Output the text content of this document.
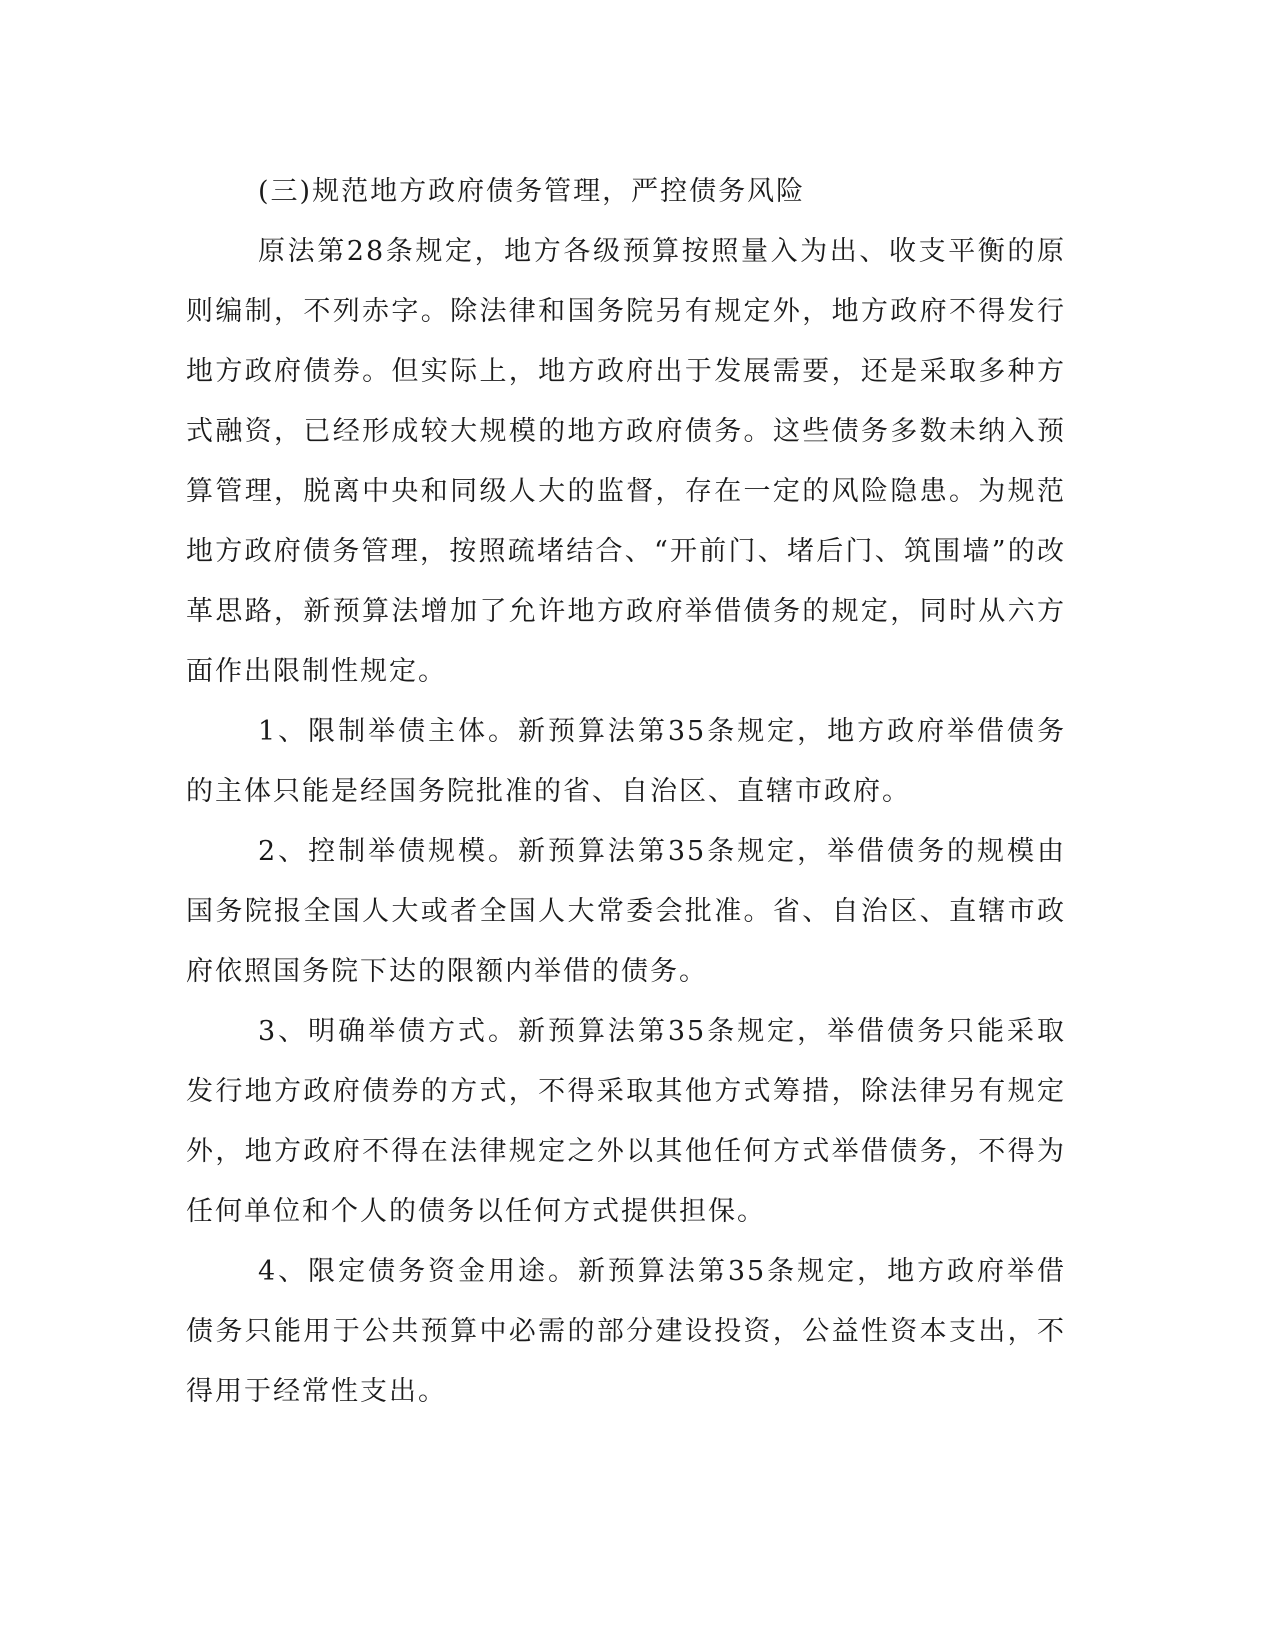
(三)规范地方政府债务管理，严控债务风险

原法第28条规定，地方各级预算按照量入为出、收支平衡的原则编制，不列赤字。除法律和国务院另有规定外，地方政府不得发行地方政府债券。但实际上，地方政府出于发展需要，还是采取多种方式融资，已经形成较大规模的地方政府债务。这些债务多数未纳入预算管理，脱离中央和同级人大的监督，存在一定的风险隐患。为规范地方政府债务管理，按照疏堵结合、“开前门、堵后门、筑围墙”的改革思路，新预算法增加了允许地方政府举借债务的规定，同时从六方面作出限制性规定。

1、限制举债主体。新预算法第35条规定，地方政府举借债务的主体只能是经国务院批准的省、自治区、直辖市政府。

2、控制举债规模。新预算法第35条规定，举借债务的规模由国务院报全国人大或者全国人大常委会批准。省、自治区、直辖市政府依照国务院下达的限额内举借的债务。

3、明确举债方式。新预算法第35条规定，举借债务只能采取发行地方政府债券的方式，不得采取其他方式筹措，除法律另有规定外，地方政府不得在法律规定之外以其他任何方式举借债务，不得为任何单位和个人的债务以任何方式提供担保。

4、限定债务资金用途。新预算法第35条规定，地方政府举借债务只能用于公共预算中必需的部分建设投资，公益性资本支出，不得用于经常性支出。
